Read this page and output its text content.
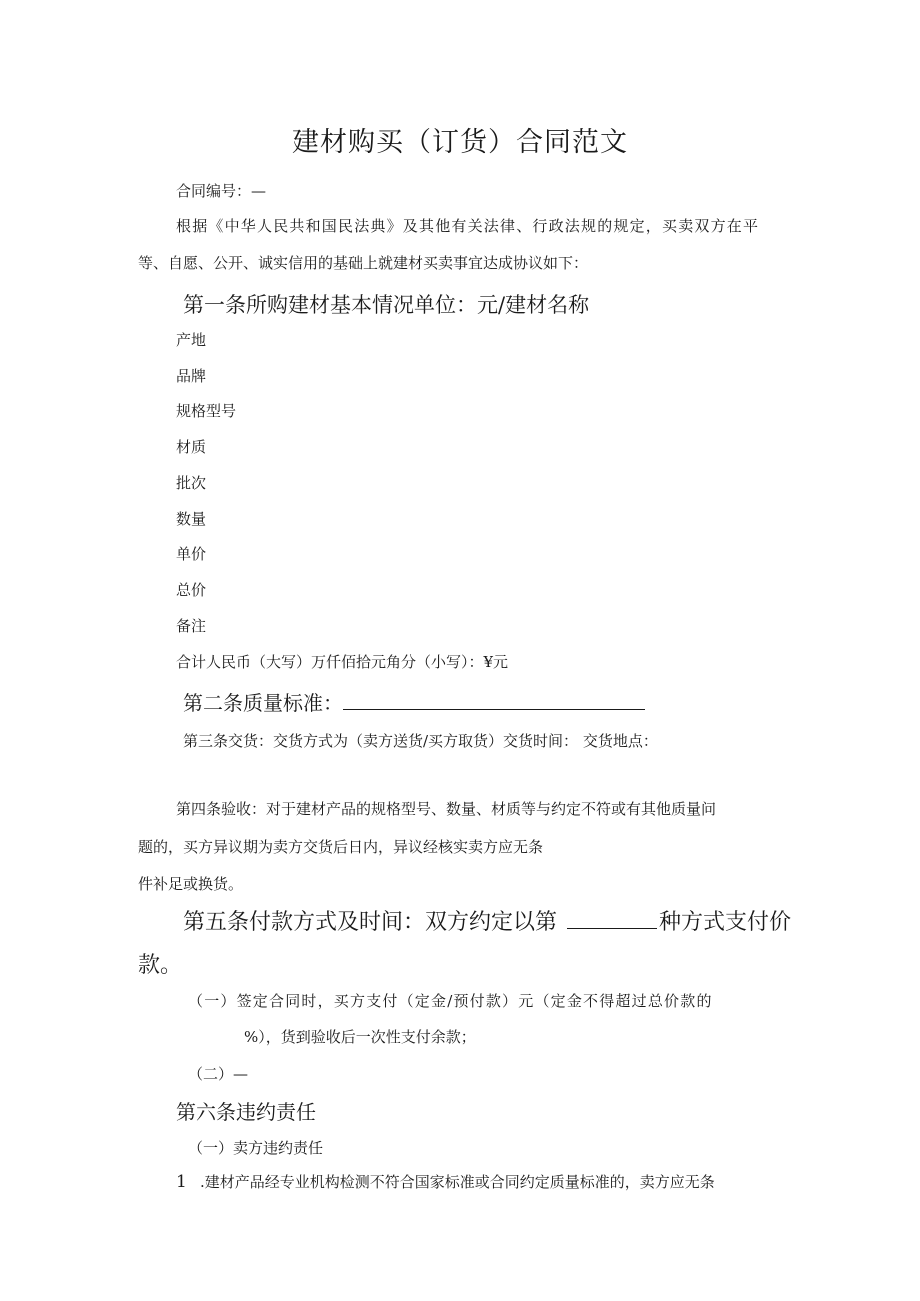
建材购买（订货）合同范文
合同编号：—
根据《中华人民共和国民法典》及其他有关法律、行政法规的规定，买卖双方在平
等、自愿、公开、诚实信用的基础上就建材买卖事宜达成协议如下：
第一条所购建材基本情况单位：元/建材名称
产地
品牌
规格型号
材质
批次
数量
单价
总价
备注
合计人民币（大写）万仟佰拾元角分（小写）：¥元
第二条质量标准：
第三条交货：交货方式为（卖方送货/买方取货）交货时间： 交货地点：
第四条验收：对于建材产品的规格型号、数量、材质等与约定不符或有其他质量问
题的，买方异议期为卖方交货后日内，异议经核实卖方应无条
件补足或换货。
第五条付款方式及时间：双方约定以第	种方式支付价
款。
（一）签定合同时，买方支付（定金/预付款）元（定金不得超过总价款的
%），货到验收后一次性支付余款；
（二）—
第六条违约责任
（一）卖方违约责任
1 .建材产品经专业机构检测不符合国家标准或合同约定质量标准的，卖方应无条
